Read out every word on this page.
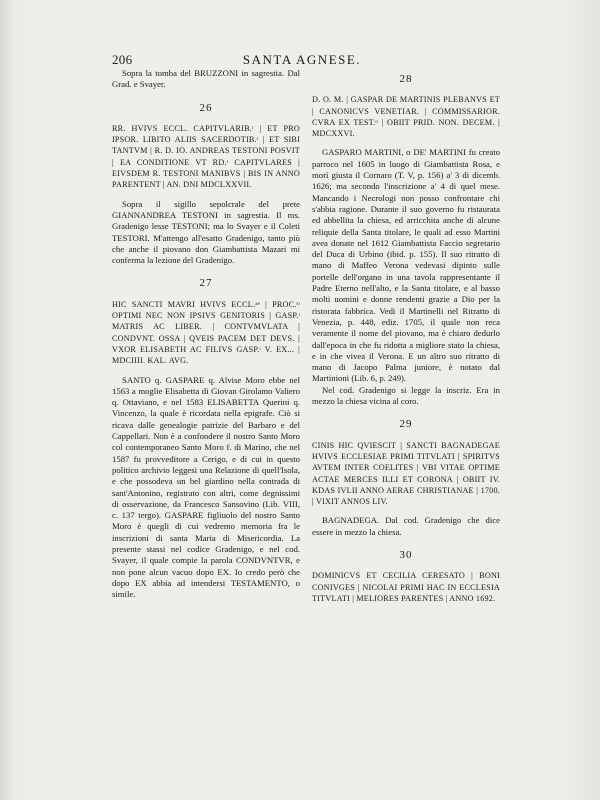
206	SANTA AGNESE.

Sopra la tomba del BRUZZONI in sagrestia. Dal Grad. e Svayer.

26

RR. HVIVS ECCL. CAPITVLARIB.ᶦ | ET PRO IPSOR. LIBITO ALIIS SACERDOTIB.ᶦ | ET SIBI TANTVM | R. D. IO. ANDREAS TESTONI POSVIT | EA CONDITIONE VT RD.ᶦ CAPITVLARES | EIVSDEM R. TESTONI MANIBVS | BIS IN ANNO PARENTENT | AN. DNI MDCLXXVII.

Sopra il sigillo sepolcrale del prete GIANNANDREA TESTONI in sagrestia. Il ms. Gradenigo lesse TESTONI; ma lo Svayer e il Coleti TESTORI. M'attengo all'esatto Gradenigo, tanto più che anche il piovano don Giambattista Mazari mi conferma la lezione del Gradenigo.

27

HIC SANCTI MAVRI HVIVS ECCL.ᵃᵉ | PROC.ˢᶦ OPTIMI NEC NON IPSIVS GENITORIS | GASP.ᶦ MATRIS AC LIBER. | CONTVMVLATA | CONDVNT. OSSA | QVEIS PACEM DET DEVS. | VXOR ELISABETH AC FILIVS GASP.ᶦ V. EX... | MDCIIII. KAL. AVG.

SANTO q. GASPARE q. Alvise Moro ebbe nel 1563 a moglie Elisabetta di Giovan Girolamo Valiero q. Ottaviano, e nel 1583 ELISABETTA Querini q. Vincenzo, la quale è ricordata nella epigrafe. Ciò si ricava dalle genealogie patrizie del Barbaro e del Cappellari. Non è a confondere il nostro Santo Moro col contemporaneo Santo Moro f. di Marino, che nel 1587 fu provveditore a Cerigo, e di cui in questo politico archivio leggesi una Relazione di quell'Isola, e che possodeva un bel giardino nella contrada di sant'Antonino, registrato con altri, come degnissimi di osservazione, da Francesco Sansovino (Lib. VIII, c. 137 tergo). GASPARE figliuolo del nostro Santo Moro è quegli di cui vedremo memoria fra le inscrizioni di santa Maria di Misericordia. La presente stassi nel codice Gradenigo, e nel cod. Svayer, il quale compie la parola CONDVNTVR, e non pone alcun vacuo dopo EX. Io credo però che dopo EX abbia ad intendersi TESTAMENTO, o simile.

28

D. O. M. | GASPAR DE MARTINIS PLEBANVS ET | CANONICVS VENETIAR. | COMMISSARIOR. CVRA EX TEST.ᵒ | OBIIT PRID. NON. DECEM. | MDCXXVI.

GASPARO MARTINI, o DE' MARTINI fu creato parroco nel 1605 in luogo di Giambattista Rosa, e morì giusta il Cornaro (T. V, p. 156) a' 3 di dicemb. 1626; ma secondo l'inscrizione a' 4 di quel mese. Mancando i Necrologi non posso confrontare chi s'abbia ragione. Durante il suo governo fu ristaurata ed abbellita la chiesa, ed arricchita anche di alcune reliquie della Santa titolare, le quali ad esso Martini avea donate nel 1612 Giambattista Faccio segretario del Duca di Urbino (ibid. p. 155). Il suo ritratto di mano di Maffeo Verona vedevasi dipinto sulle portelle dell'organo in una tavola rappresentante il Padre Eterno nell'alto, e la Santa titolare, e al basso molti uomini e donne rendenti grazie a Dio per la ristorata fabbrica. Vedi il Martinelli nel Ritratto di Venezia, p. 448, ediz. 1705, il quale non reca veramente il nome del piovano, ma è chiaro dedurlo dall'epoca in che fu ridotta a migliore stato la chiesa, e in che vivea il Verona. E un altro suo ritratto di mano di Jacopo Palma juniore, è notato dal Martinioni (Lib. 6, p. 249).

Nel cod. Gradenigo si legge la inscriz. Era in mezzo la chiesa vicina al coro.

29

CINIS HIC QVIESCIT | SANCTI BAGNADEGAE HVIVS ECCLESIAE PRIMI TITVLATI | SPIRITVS AVTEM INTER COELITES | VBI VITAE OPTIME ACTAE MERCES ILLI ET CORONA | OBIIT IV. KDAS IVLII ANNO AERAE CHRISTIANAE | 1700. | VIXIT ANNOS LIV.

BAGNADEGA. Dal cod. Gradenigo che dice essere in mezzo la chiesa.

30

DOMINICVS ET CECILIA CERESATO | BONI CONIVGES | NICOLAI PRIMI HAC IN ECCLESIA TITVLATI | MELIORES PARENTES | ANNO 1692.
